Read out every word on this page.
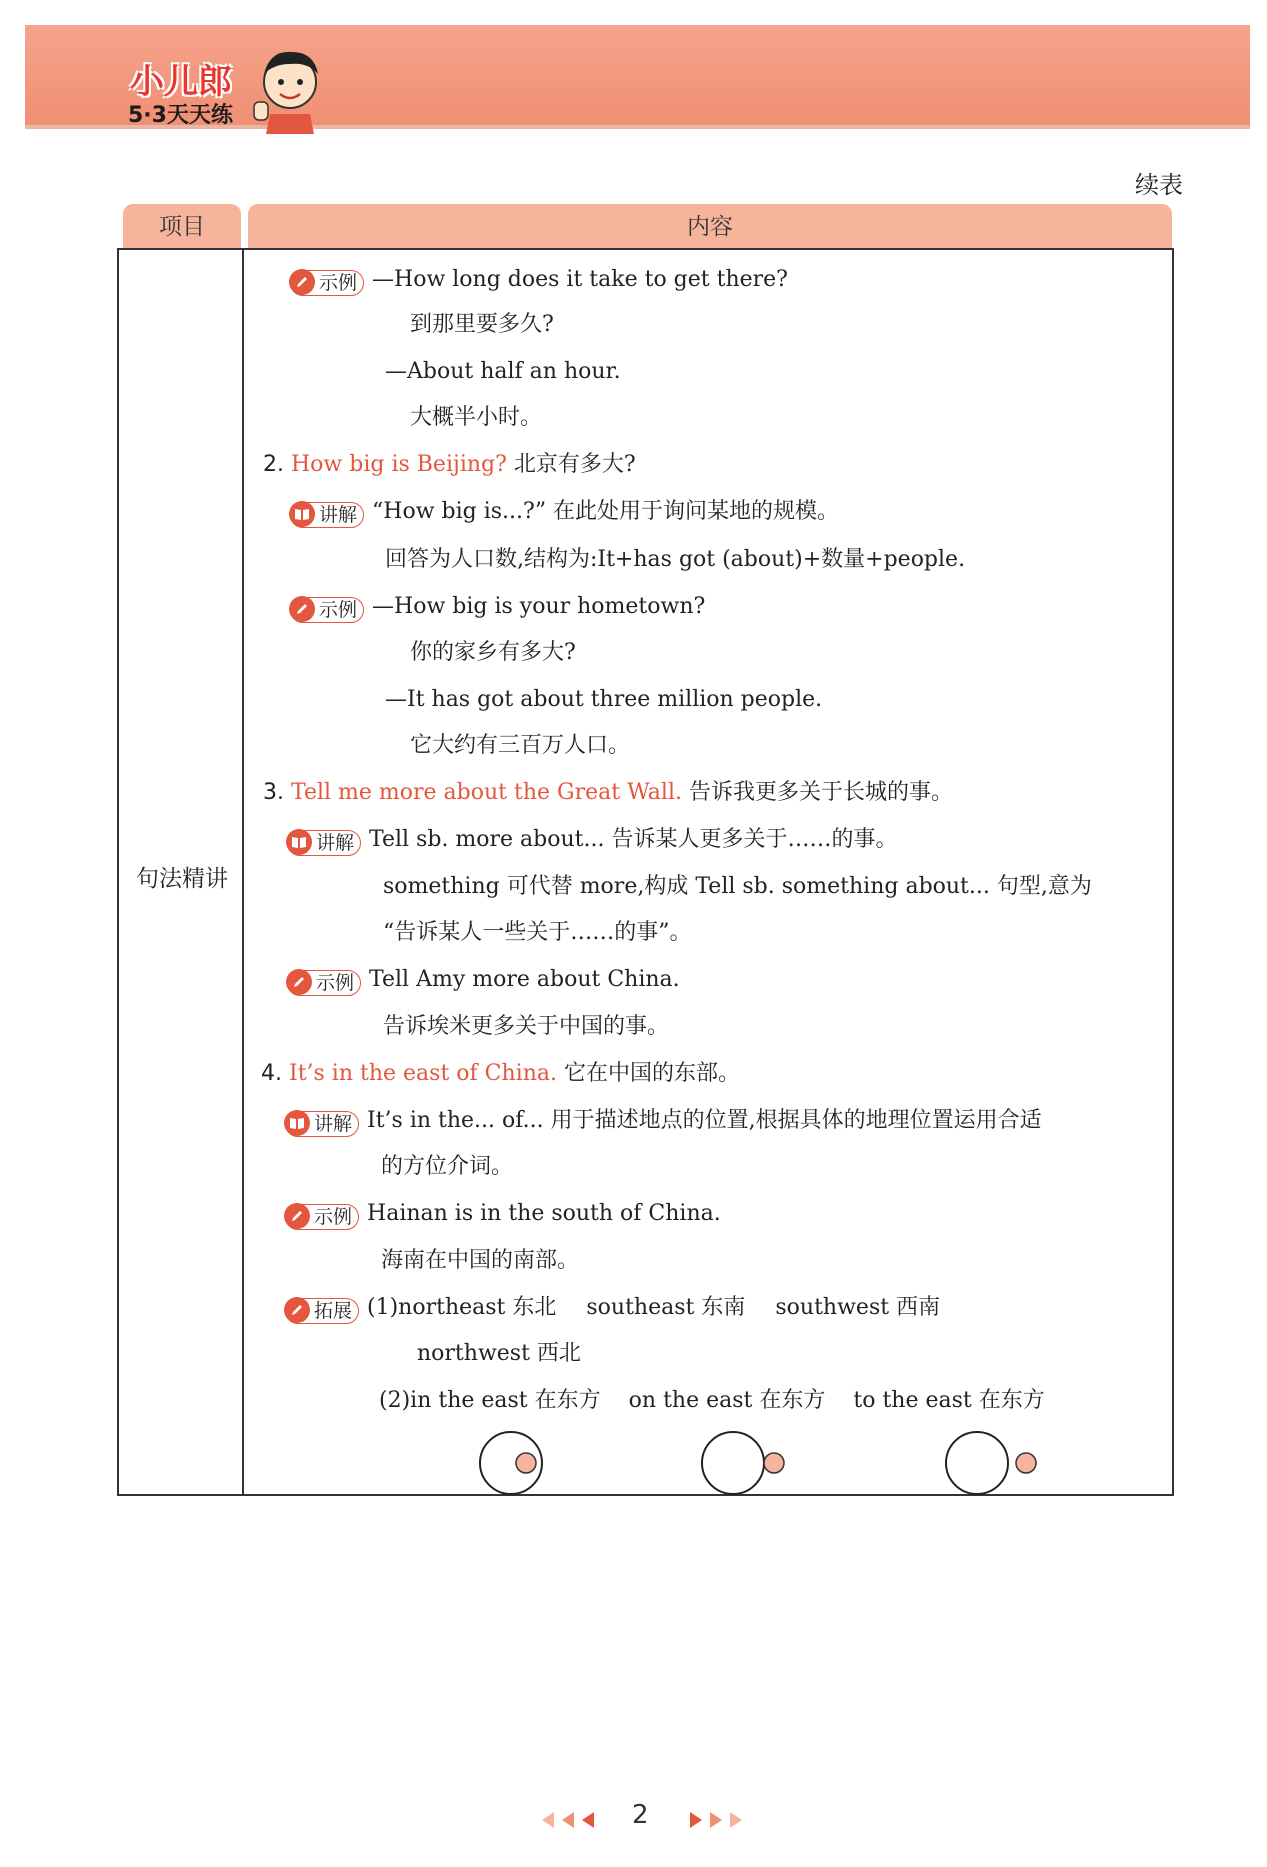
小儿郎
5·3天天练
续表
项目	内容
句法精讲
示例 —How long does it take to get there?
到那里要多久?
—About half an hour.
大概半小时。
2. How big is Beijing? 北京有多大?
讲解 “How big is...?” 在此处用于询问某地的规模。
回答为人口数,结构为:It+has got (about)+数量+people.
示例 —How big is your hometown?
你的家乡有多大?
—It has got about three million people.
它大约有三百万人口。
3. Tell me more about the Great Wall. 告诉我更多关于长城的事。
讲解 Tell sb. more about... 告诉某人更多关于……的事。
something 可代替 more,构成 Tell sb. something about... 句型,意为
“告诉某人一些关于……的事”。
示例 Tell Amy more about China.
告诉埃米更多关于中国的事。
4. It’s in the east of China. 它在中国的东部。
讲解 It’s in the... of... 用于描述地点的位置,根据具体的地理位置运用合适
的方位介词。
示例 Hainan is in the south of China.
海南在中国的南部。
拓展 (1)northeast 东北 southeast 东南 southwest 西南
northwest 西北
(2)in the east 在东方 on the east 在东方 to the east 在东方
2
